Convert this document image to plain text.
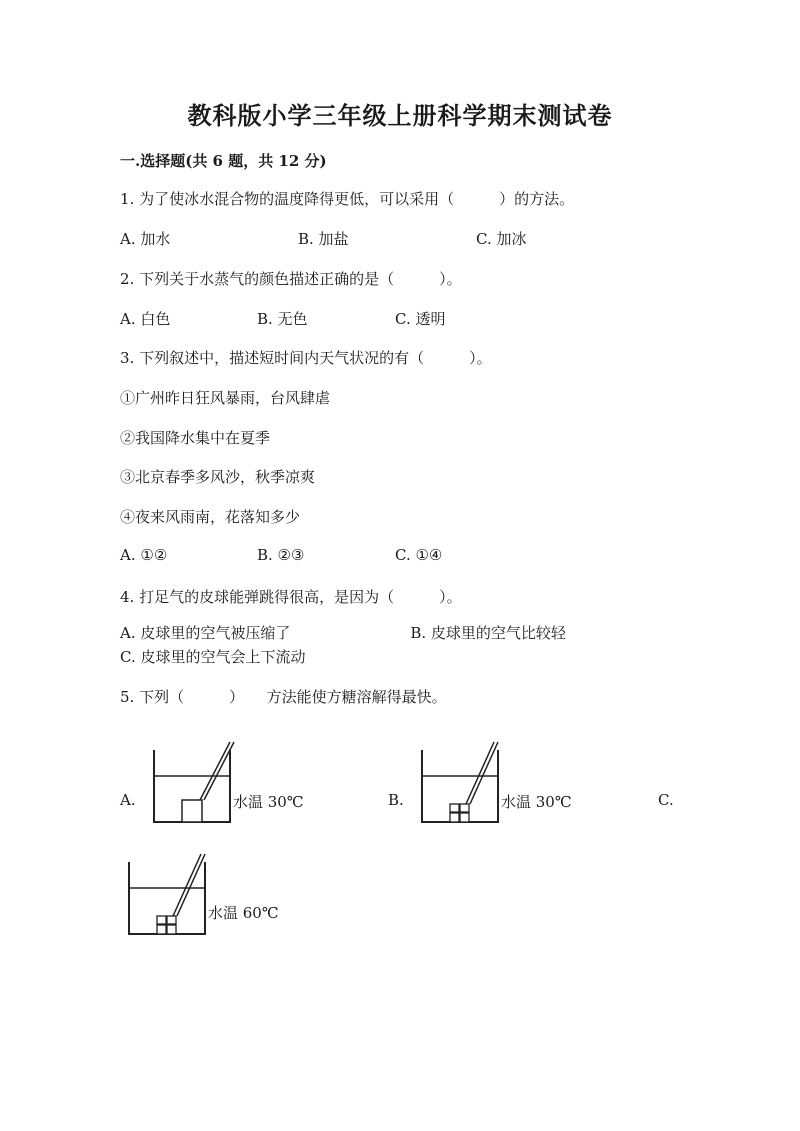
教科版小学三年级上册科学期末测试卷
一.选择题(共 6 题，共 12 分)
1. 为了使冰水混合物的温度降得更低，可以采用（　　　）的方法。
A. 加水	B. 加盐	C. 加冰
2. 下列关于水蒸气的颜色描述正确的是（　　　）。
A. 白色	B. 无色	C. 透明
3. 下列叙述中，描述短时间内天气状况的有（　　　）。
①广州昨日狂风暴雨，台风肆虐
②我国降水集中在夏季
③北京春季多风沙，秋季凉爽
④夜来风雨南，花落知多少
A. ①②	B. ②③	C. ①④
4. 打足气的皮球能弹跳得很高，是因为（　　　）。
A. 皮球里的空气被压缩了　　　　　　　　B. 皮球里的空气比较轻　　　　　　　　C. 皮球里的空气会上下流动
5. 下列（　　　）　　方法能使方糖溶解得最快。
A.	水温 30℃	B.	水温 30℃	C.
水温 60℃
